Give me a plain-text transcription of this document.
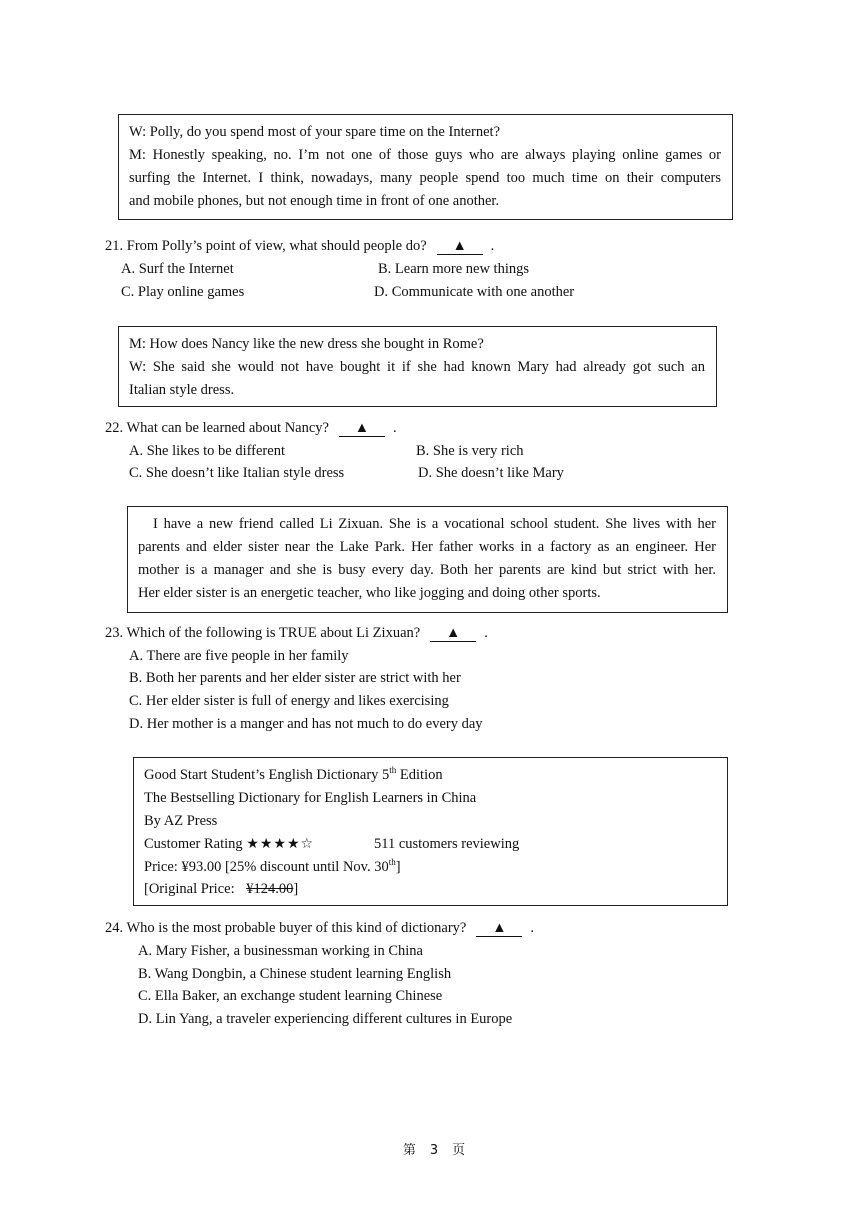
W: Polly, do you spend most of your spare time on the Internet?
M: Honestly speaking, no. I’m not one of those guys who are always playing online games or
surfing the Internet. I think, nowadays, many people spend too much time on their computers
and mobile phones, but not enough time in front of one another.
21. From Polly’s point of view, what should people do? ▲ .
A. Surf the Internet	B. Learn more new things
C. Play online games	D. Communicate with one another
M: How does Nancy like the new dress she bought in Rome?
W: She said she would not have bought it if she had known Mary had already got such an
Italian style dress.
22. What can be learned about Nancy? ▲ .
A. She likes to be different	B. She is very rich
C. She doesn’t like Italian style dress	D. She doesn’t like Mary
I have a new friend called Li Zixuan. She is a vocational school student. She lives with her
parents and elder sister near the Lake Park. Her father works in a factory as an engineer. Her
mother is a manager and she is busy every day. Both her parents are kind but strict with her.
Her elder sister is an energetic teacher, who like jogging and doing other sports.
23. Which of the following is TRUE about Li Zixuan? ▲ .
A. There are five people in her family
B. Both her parents and her elder sister are strict with her
C. Her elder sister is full of energy and likes exercising
D. Her mother is a manger and has not much to do every day
Good Start Student’s English Dictionary 5th Edition
The Bestselling Dictionary for English Learners in China
By AZ Press
Customer Rating ★★★★☆	511 customers reviewing
Price: ¥93.00 [25% discount until Nov. 30th]
[Original Price: ¥124.00]
24. Who is the most probable buyer of this kind of dictionary? ▲ .
A. Mary Fisher, a businessman working in China
B. Wang Dongbin, a Chinese student learning English
C. Ella Baker, an exchange student learning Chinese
D. Lin Yang, a traveler experiencing different cultures in Europe
第 3 页
